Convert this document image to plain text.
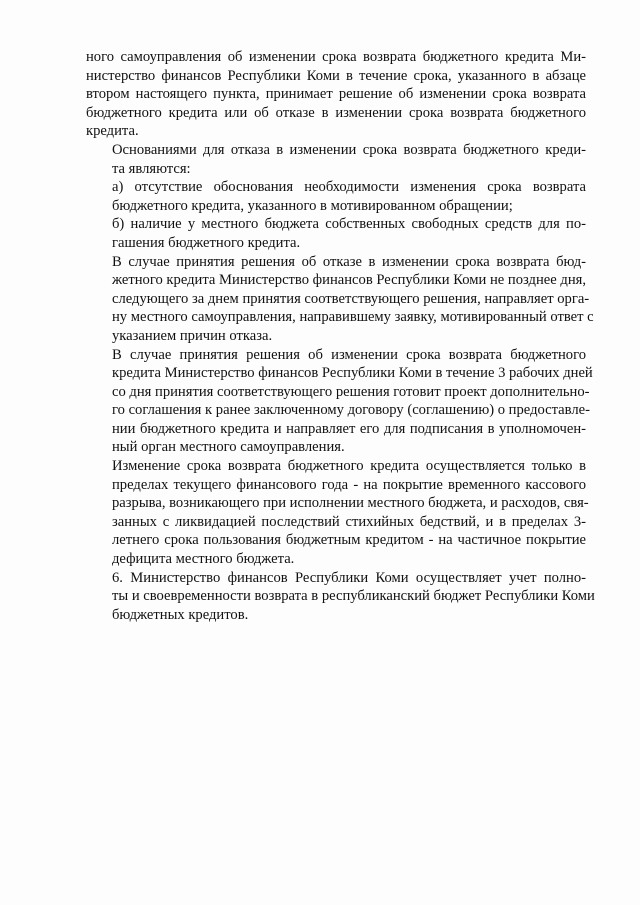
ного самоуправления об изменении срока возврата бюджетного кредита Ми-
нистерство финансов Республики Коми в течение срока, указанного в абзаце
втором настоящего пункта, принимает решение об изменении срока возврата
бюджетного кредита или об отказе в изменении срока возврата бюджетного
кредита.

Основаниями для отказа в изменении срока возврата бюджетного креди-
та являются:

а) отсутствие обоснования необходимости изменения срока возврата
бюджетного кредита, указанного в мотивированном обращении;

б) наличие у местного бюджета собственных свободных средств для по-
гашения бюджетного кредита.

В случае принятия решения об отказе в изменении срока возврата бюд-
жетного кредита Министерство финансов Республики Коми не позднее дня,
следующего за днем принятия соответствующего решения, направляет орга-
ну местного самоуправления, направившему заявку, мотивированный ответ с
указанием причин отказа.

В случае принятия решения об изменении срока возврата бюджетного
кредита Министерство финансов Республики Коми в течение 3 рабочих дней
со дня принятия соответствующего решения готовит проект дополнительно-
го соглашения к ранее заключенному договору (соглашению) о предоставле-
нии бюджетного кредита и направляет его для подписания в уполномочен-
ный орган местного самоуправления.

Изменение срока возврата бюджетного кредита осуществляется только в
пределах текущего финансового года - на покрытие временного кассового
разрыва, возникающего при исполнении местного бюджета, и расходов, свя-
занных с ликвидацией последствий стихийных бедствий, и в пределах 3-
летнего срока пользования бюджетным кредитом - на частичное покрытие
дефицита местного бюджета.

6. Министерство финансов Республики Коми осуществляет учет полно-
ты и своевременности возврата в республиканский бюджет Республики Коми
бюджетных кредитов.
